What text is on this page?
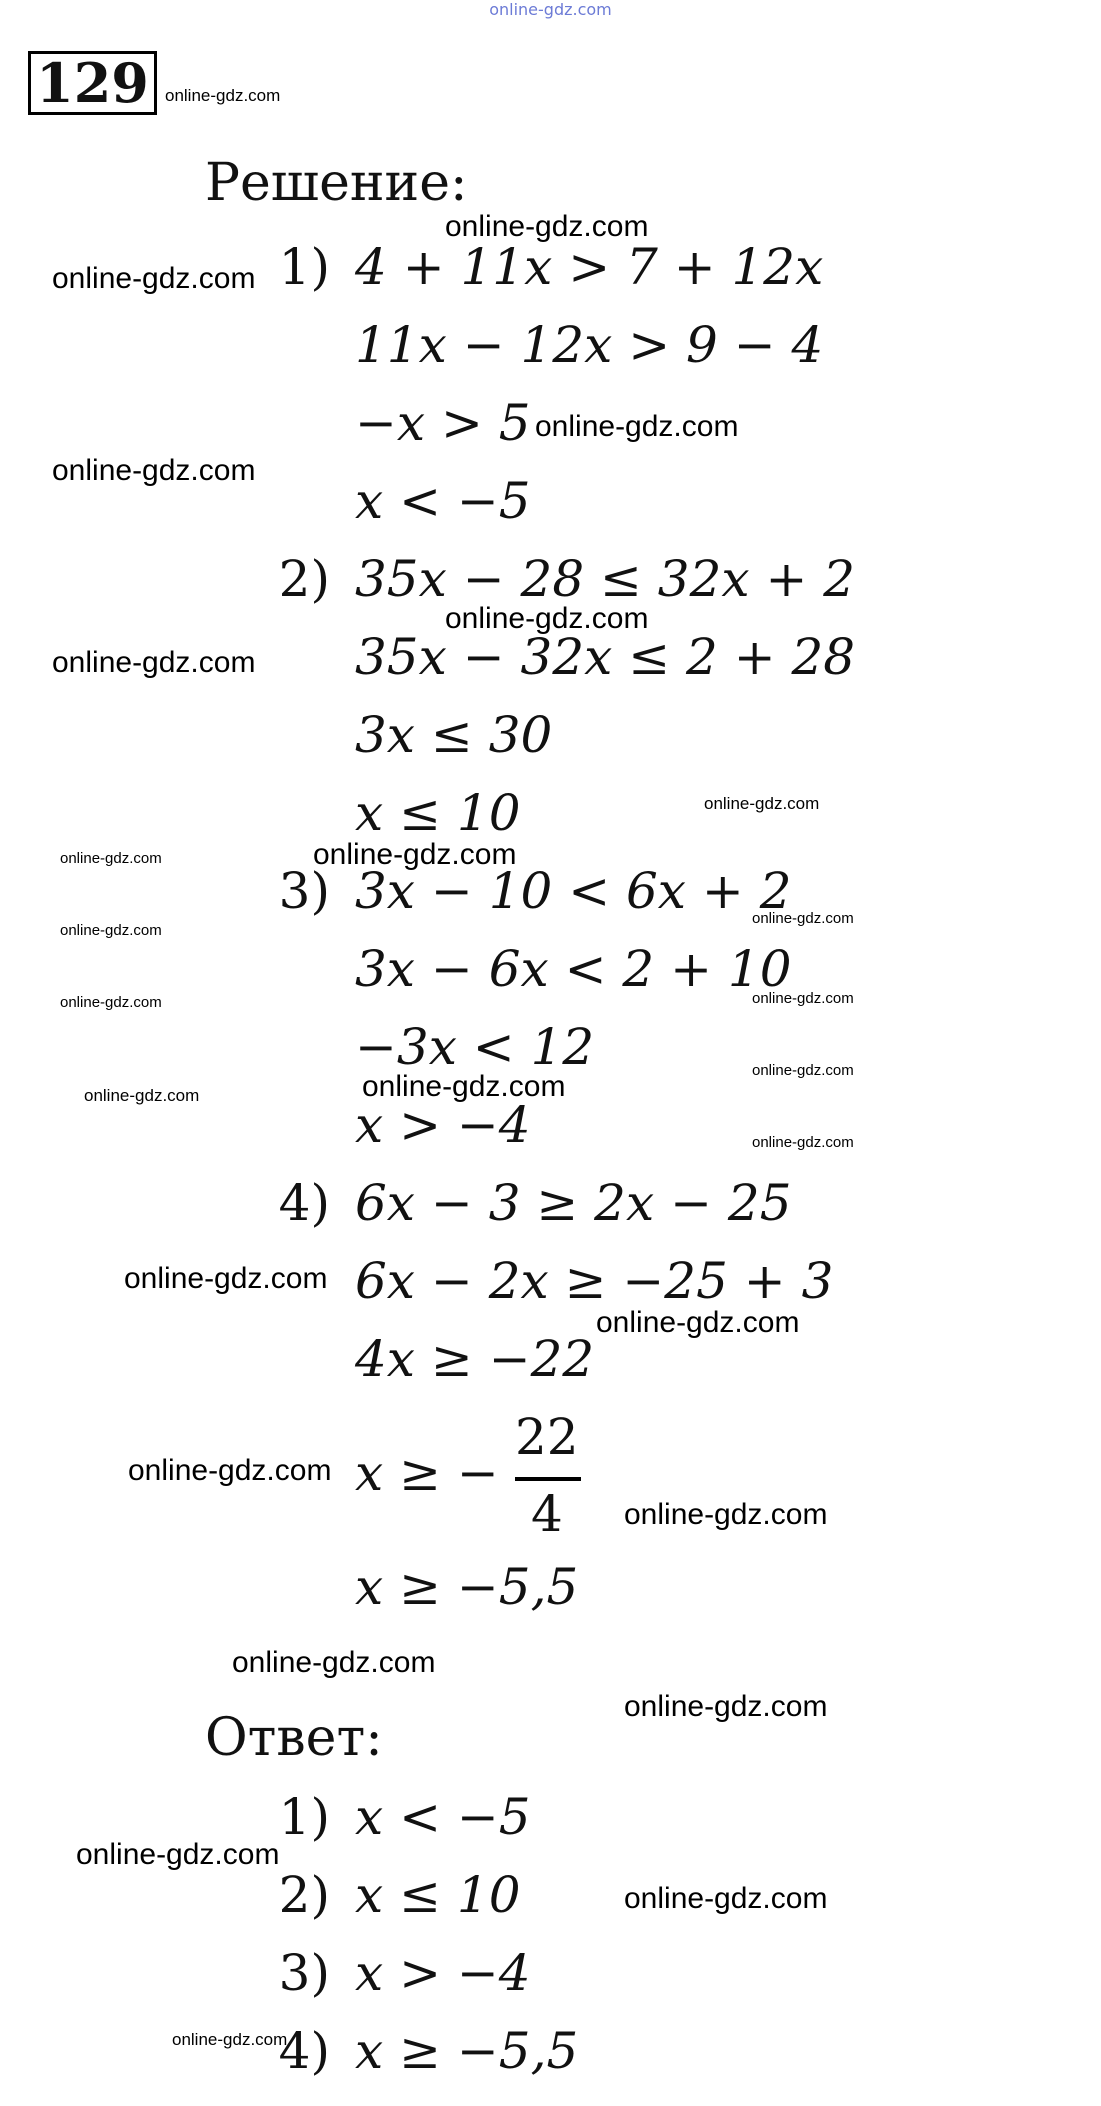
online-gdz.com
129
Решение:
1) 4 + 11x > 7 + 12x
11x − 12x > 9 − 4
−x > 5
x < −5
2) 35x − 28 ≤ 32x + 2
35x − 32x ≤ 2 + 28
3x ≤ 30
x ≤ 10
3) 3x − 10 < 6x + 2
3x − 6x < 2 + 10
−3x < 12
x > −4
4) 6x − 3 ≥ 2x − 25
6x − 2x ≥ −25 + 3
4x ≥ −22
x ≥ −
22
4
x ≥ −5,5
Ответ:
1) x < −5
2) x ≤ 10
3) x > −4
4) x ≥ −5,5
online-gdz.com
online-gdz.com
online-gdz.com
online-gdz.com
online-gdz.com
online-gdz.com
online-gdz.com
online-gdz.com
online-gdz.com
online-gdz.com
online-gdz.com
online-gdz.com
online-gdz.com
online-gdz.com
online-gdz.com
online-gdz.com
online-gdz.com
online-gdz.com
online-gdz.com
online-gdz.com
online-gdz.com
online-gdz.com
online-gdz.com
online-gdz.com
online-gdz.com
online-gdz.com
online-gdz.com
